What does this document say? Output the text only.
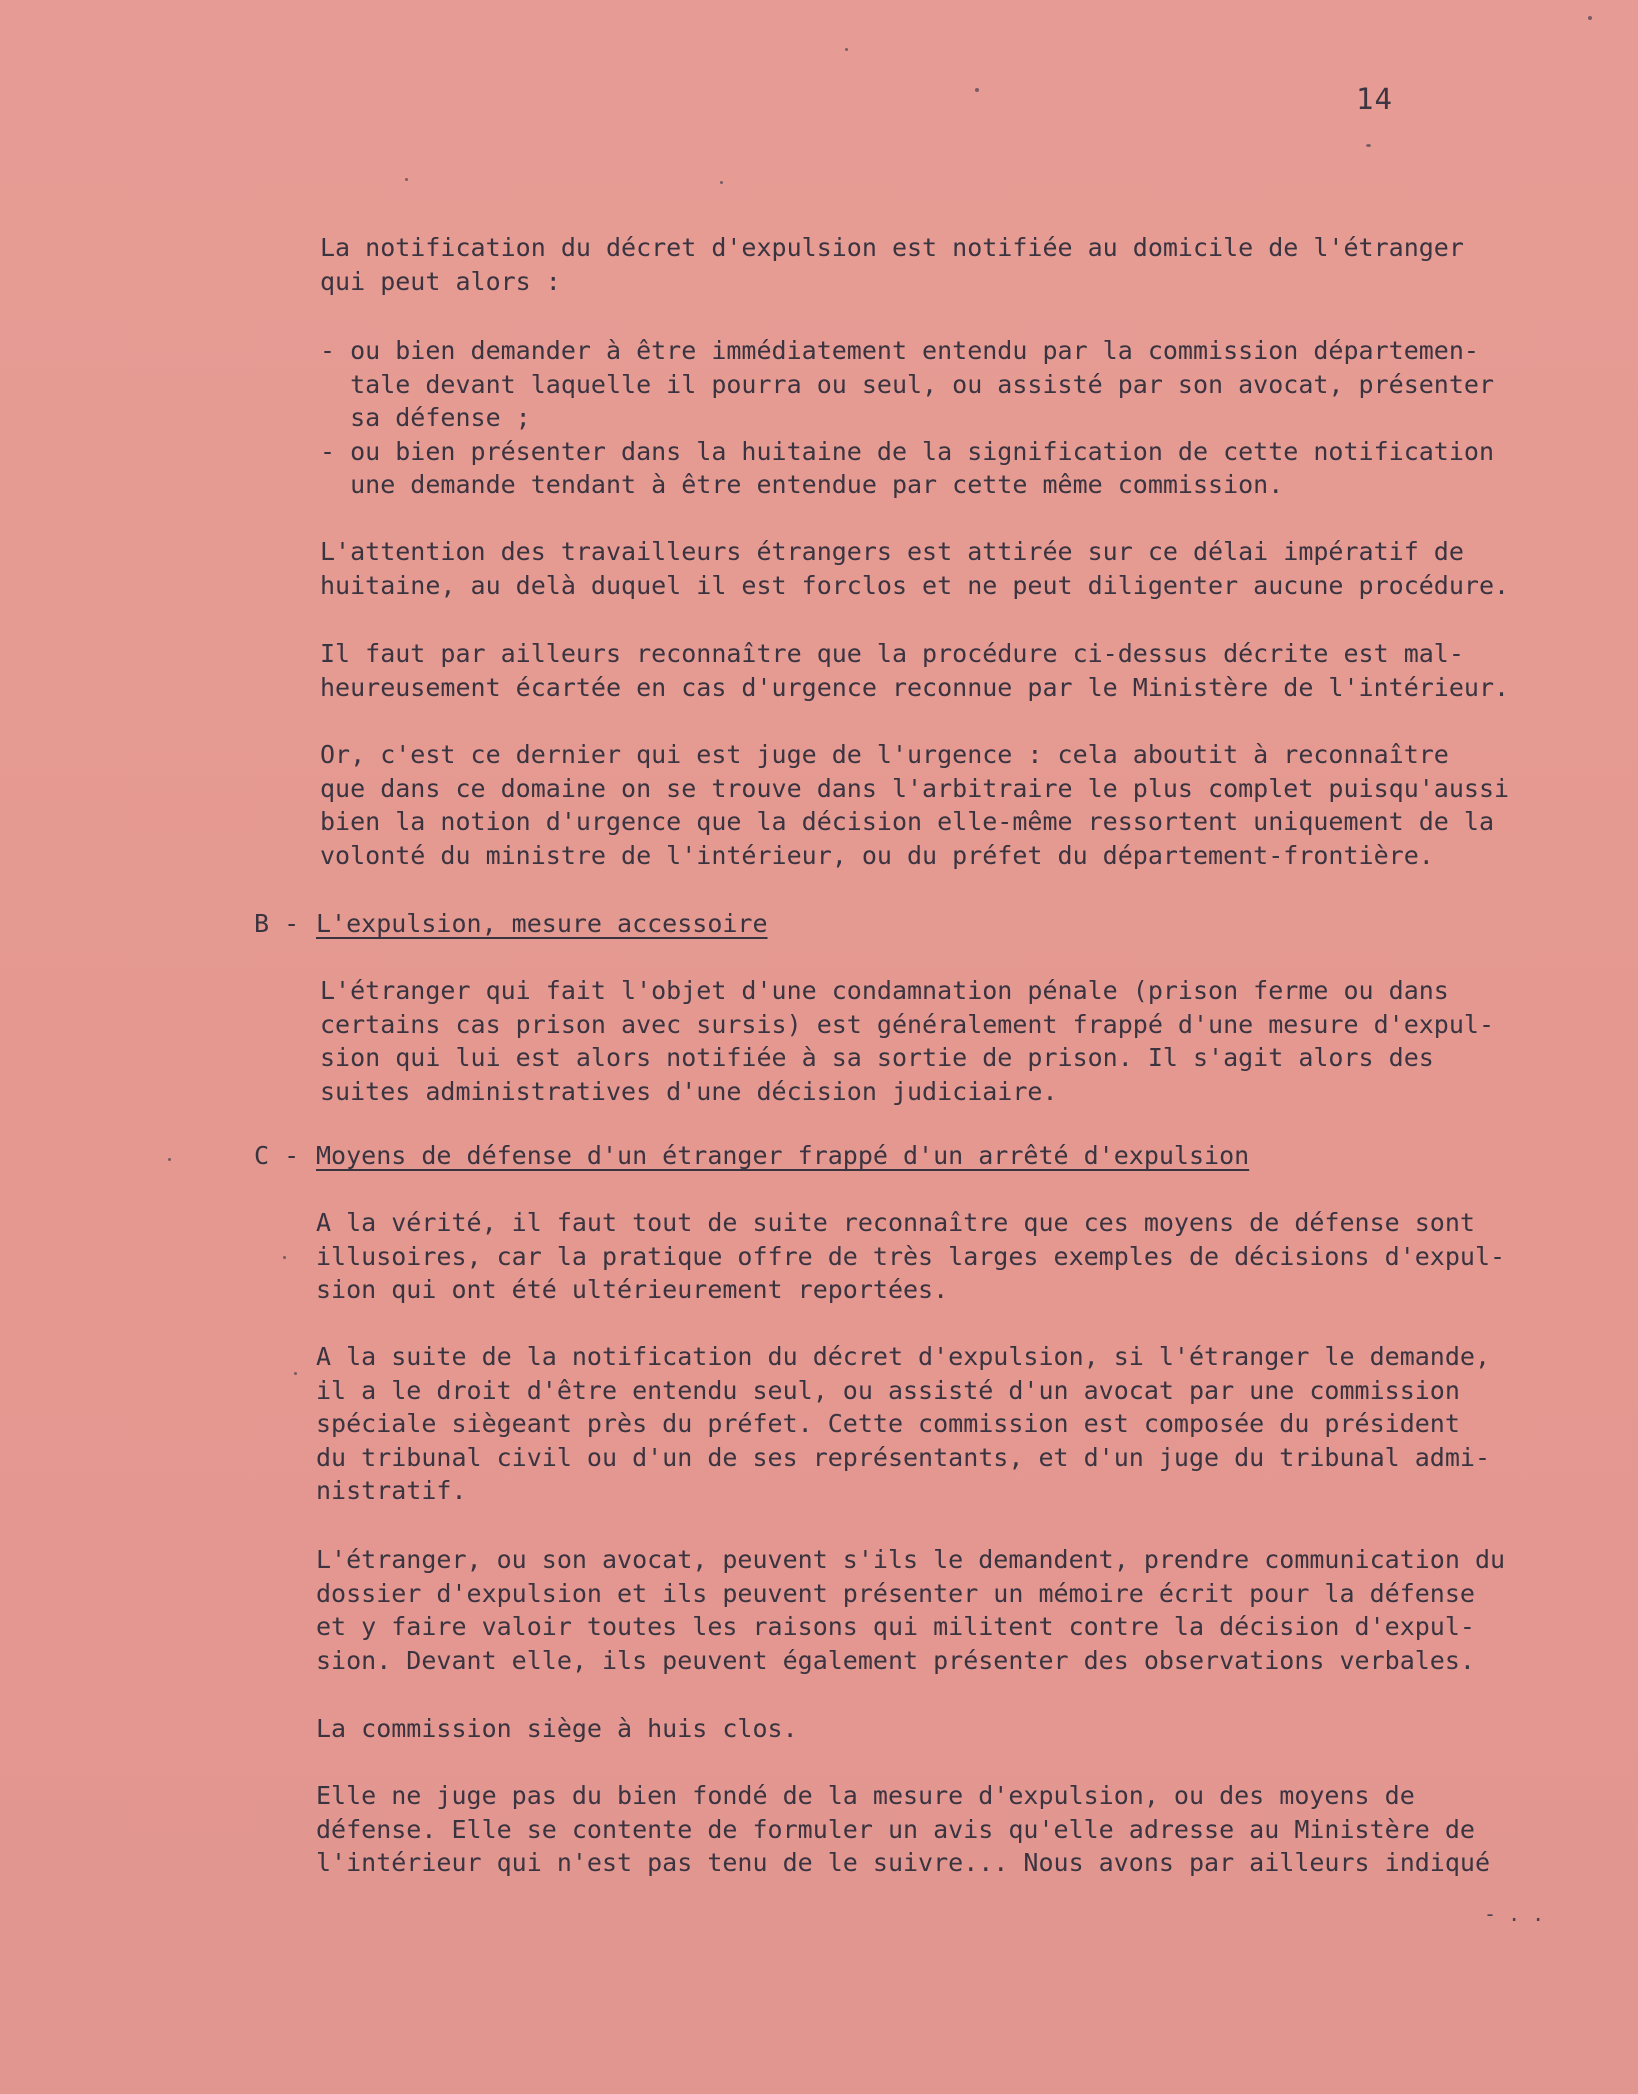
14

La notification du décret d'expulsion est notifiée au domicile de l'étranger
qui peut alors :

- ou bien demander à être immédiatement entendu par la commission départemen-
tale devant laquelle il pourra ou seul, ou assisté par son avocat, présenter
sa défense ;
- ou bien présenter dans la huitaine de la signification de cette notification
une demande tendant à être entendue par cette même commission.

L'attention des travailleurs étrangers est attirée sur ce délai impératif de
huitaine, au delà duquel il est forclos et ne peut diligenter aucune procédure.

Il faut par ailleurs reconnaître que la procédure ci-dessus décrite est mal-
heureusement écartée en cas d'urgence reconnue par le Ministère de l'intérieur.

Or, c'est ce dernier qui est juge de l'urgence : cela aboutit à reconnaître
que dans ce domaine on se trouve dans l'arbitraire le plus complet puisqu'aussi
bien la notion d'urgence que la décision elle-même ressortent uniquement de la
volonté du ministre de l'intérieur, ou du préfet du département-frontière.

B - L'expulsion, mesure accessoire

L'étranger qui fait l'objet d'une condamnation pénale (prison ferme ou dans
certains cas prison avec sursis) est généralement frappé d'une mesure d'expul-
sion qui lui est alors notifiée à sa sortie de prison. Il s'agit alors des
suites administratives d'une décision judiciaire.

C - Moyens de défense d'un étranger frappé d'un arrêté d'expulsion

A la vérité, il faut tout de suite reconnaître que ces moyens de défense sont
illusoires, car la pratique offre de très larges exemples de décisions d'expul-
sion qui ont été ultérieurement reportées.

A la suite de la notification du décret d'expulsion, si l'étranger le demande,
il a le droit d'être entendu seul, ou assisté d'un avocat par une commission
spéciale siègeant près du préfet. Cette commission est composée du président
du tribunal civil ou d'un de ses représentants, et d'un juge du tribunal admi-
nistratif.

L'étranger, ou son avocat, peuvent s'ils le demandent, prendre communication du
dossier d'expulsion et ils peuvent présenter un mémoire écrit pour la défense
et y faire valoir toutes les raisons qui militent contre la décision d'expul-
sion. Devant elle, ils peuvent également présenter des observations verbales.

La commission siège à huis clos.

Elle ne juge pas du bien fondé de la mesure d'expulsion, ou des moyens de
défense. Elle se contente de formuler un avis qu'elle adresse au Ministère de
l'intérieur qui n'est pas tenu de le suivre... Nous avons par ailleurs indiqué

- . .
